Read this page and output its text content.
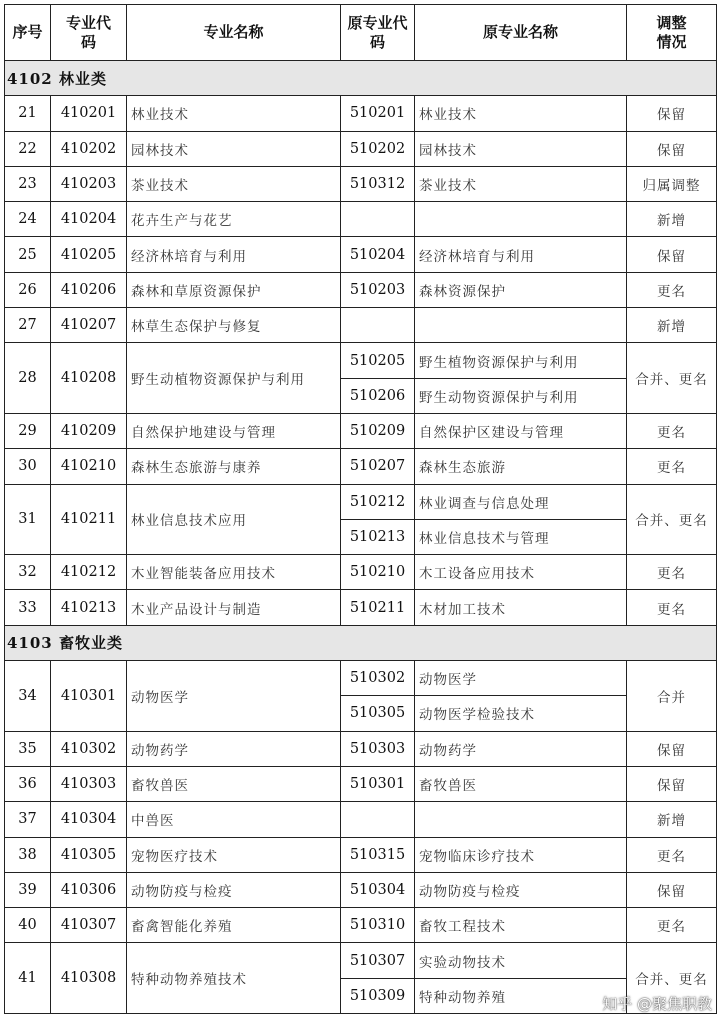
序号	专业代码	专业名称	原专业代码	原专业名称	调整情况
4102 林业类					
21	410201	林业技术	510201	林业技术	保留
22	410202	园林技术	510202	园林技术	保留
23	410203	茶业技术	510312	茶业技术	归属调整
24	410204	花卉生产与花艺			新增
25	410205	经济林培育与利用	510204	经济林培育与利用	保留
26	410206	森林和草原资源保护	510203	森林资源保护	更名
27	410207	林草生态保护与修复			新增
28	410208	野生动植物资源保护与利用	510205	野生植物资源保护与利用	合并、更名
			510206	野生动物资源保护与利用	
29	410209	自然保护地建设与管理	510209	自然保护区建设与管理	更名
30	410210	森林生态旅游与康养	510207	森林生态旅游	更名
31	410211	林业信息技术应用	510212	林业调查与信息处理	合并、更名
			510213	林业信息技术与管理	
32	410212	木业智能装备应用技术	510210	木工设备应用技术	更名
33	410213	木业产品设计与制造	510211	木材加工技术	更名
4103 畜牧业类					
34	410301	动物医学	510302	动物医学	合并
			510305	动物医学检验技术	
35	410302	动物药学	510303	动物药学	保留
36	410303	畜牧兽医	510301	畜牧兽医	保留
37	410304	中兽医			新增
38	410305	宠物医疗技术	510315	宠物临床诊疗技术	更名
39	410306	动物防疫与检疫	510304	动物防疫与检疫	保留
40	410307	畜禽智能化养殖	510310	畜牧工程技术	更名
41	410308	特种动物养殖技术	510307	实验动物技术	合并、更名
			510309	特种动物养殖		知乎 @聚焦职教
